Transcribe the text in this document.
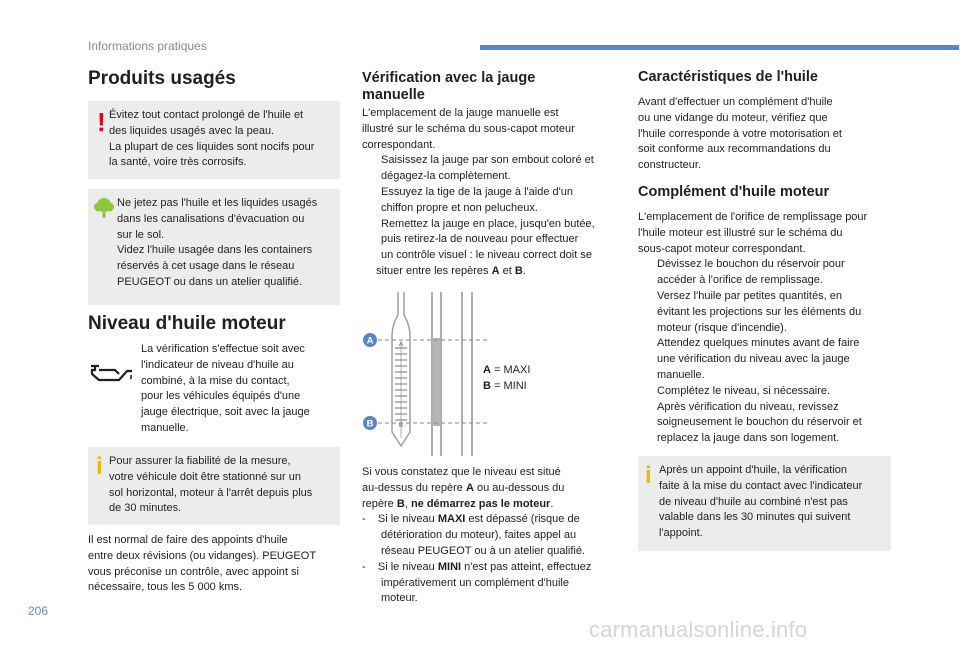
Informations pratiques
Produits usagés
! Évitez tout contact prolongé de l'huile et
des liquides usagés avec la peau.
La plupart de ces liquides sont nocifs pour
la santé, voire très corrosifs.
Ne jetez pas l'huile et les liquides usagés
dans les canalisations d'évacuation ou
sur le sol.
Videz l'huile usagée dans les containers
réservés à cet usage dans le réseau
PEUGEOT ou dans un atelier qualifié.
Niveau d'huile moteur
La vérification s'effectue soit avec
l'indicateur de niveau d'huile au
combiné, à la mise du contact,
pour les véhicules équipés d'une
jauge électrique, soit avec la jauge
manuelle.
i Pour assurer la fiabilité de la mesure,
votre véhicule doit être stationné sur un
sol horizontal, moteur à l'arrêt depuis plus
de 30 minutes.
Il est normal de faire des appoints d'huile
entre deux révisions (ou vidanges). PEUGEOT
vous préconise un contrôle, avec appoint si
nécessaire, tous les 5 000 kms.
Vérification avec la jauge
manuelle
L'emplacement de la jauge manuelle est
illustré sur le schéma du sous-capot moteur
correspondant.
Saisissez la jauge par son embout coloré et
dégagez-la complètement.
Essuyez la tige de la jauge à l'aide d'un
chiffon propre et non pelucheux.
Remettez la jauge en place, jusqu'en butée,
puis retirez-la de nouveau pour effectuer
un contrôle visuel : le niveau correct doit se
situer entre les repères A et B.
A
B
A
B
A = MAXI
B = MINI
Si vous constatez que le niveau est situé
au-dessus du repère A ou au-dessous du
repère B, ne démarrez pas le moteur.
- Si le niveau MAXI est dépassé (risque de
détérioration du moteur), faites appel au
réseau PEUGEOT ou à un atelier qualifié.
- Si le niveau MINI n'est pas atteint, effectuez
impérativement un complément d'huile
moteur.
Caractéristiques de l'huile
Avant d'effectuer un complément d'huile
ou une vidange du moteur, vérifiez que
l'huile corresponde à votre motorisation et
soit conforme aux recommandations du
constructeur.
Complément d'huile moteur
L'emplacement de l'orifice de remplissage pour
l'huile moteur est illustré sur le schéma du
sous-capot moteur correspondant.
Dévissez le bouchon du réservoir pour
accéder à l'orifice de remplissage.
Versez l'huile par petites quantités, en
évitant les projections sur les éléments du
moteur (risque d'incendie).
Attendez quelques minutes avant de faire
une vérification du niveau avec la jauge
manuelle.
Complétez le niveau, si nécessaire.
Après vérification du niveau, revissez
soigneusement le bouchon du réservoir et
replacez la jauge dans son logement.
i Après un appoint d'huile, la vérification
faite à la mise du contact avec l'indicateur
de niveau d'huile au combiné n'est pas
valable dans les 30 minutes qui suivent
l'appoint.
206
carmanualsonline.info
